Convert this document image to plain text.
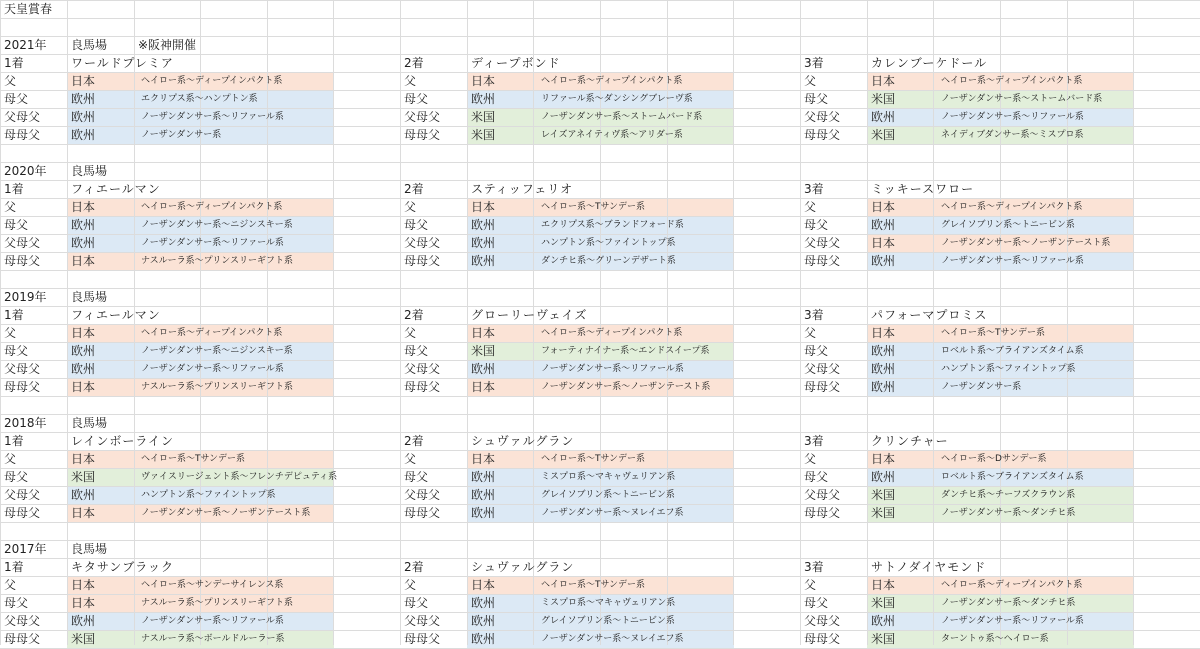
天皇賞春
2021年 良馬場	※阪神開催
1着	ワールドプレミア
父	日本	ヘイロー系～ディープインパクト系
母父	欧州	エクリプス系～ハンプトン系
父母父	欧州	ノーザンダンサー系～リファール系
母母父	欧州	ノーザンダンサー系
2着	ディープボンド
父	日本	ヘイロー系～ディープインパクト系
母父	欧州	リファール系～ダンシングブレーヴ系
父母父	米国	ノーザンダンサー系～ストームバード系
母母父	米国	レイズアネイティヴ系～アリダー系
3着	カレンブーケドール
父	日本	ヘイロー系～ディープインパクト系
母父	米国	ノーザンダンサー系～ストームバード系
父母父	欧州	ノーザンダンサー系～リファール系
母母父	米国	ネイディブダンサー系～ミスプロ系
2020年 良馬場
1着	フィエールマン
父	日本	ヘイロー系～ディープインパクト系
母父	欧州	ノーザンダンサー系～ニジンスキー系
父母父	欧州	ノーザンダンサー系～リファール系
母母父	日本	ナスルーラ系～プリンスリーギフト系
2着	スティッフェリオ
父	日本	ヘイロー系～Tサンデー系
母父	欧州	エクリプス系～ブランドフォード系
父母父	欧州	ハンプトン系～ファイントップ系
母母父	欧州	ダンチヒ系～グリーンデザート系
3着	ミッキースワロー
父	日本	ヘイロー系～ディープインパクト系
母父	欧州	グレイソブリン系～トニービン系
父母父	日本	ノーザンダンサー系～ノーザンテースト系
母母父	欧州	ノーザンダンサー系～リファール系
2019年 良馬場
1着	フィエールマン
父	日本	ヘイロー系～ディープインパクト系
母父	欧州	ノーザンダンサー系～ニジンスキー系
父母父	欧州	ノーザンダンサー系～リファール系
母母父	日本	ナスルーラ系～プリンスリーギフト系
2着	グローリーヴェイズ
父	日本	ヘイロー系～ディープインパクト系
母父	米国	フォーティナイナー系～エンドスイープ系
父母父	欧州	ノーザンダンサー系～リファール系
母母父	日本	ノーザンダンサー系～ノーザンテースト系
3着	パフォーマプロミス
父	日本	ヘイロー系～Tサンデー系
母父	欧州	ロベルト系～ブライアンズタイム系
父母父	欧州	ハンプトン系～ファイントップ系
母母父	欧州	ノーザンダンサー系
2018年 良馬場
1着	レインボーライン
父	日本	ヘイロー系～Tサンデー系
母父	米国	ヴァイスリージェント系～フレンチデピュティ系
父母父	欧州	ハンプトン系～ファイントップ系
母母父	日本	ノーザンダンサー系～ノーザンテースト系
2着	シュヴァルグラン
父	日本	ヘイロー系～Tサンデー系
母父	欧州	ミスプロ系～マキャヴェリアン系
父母父	欧州	グレイソブリン系～トニービン系
母母父	欧州	ノーザンダンサー系～ヌレイエフ系
3着	クリンチャー
父	日本	ヘイロー系～Dサンデー系
母父	欧州	ロベルト系～ブライアンズタイム系
父母父	米国	ダンチヒ系～チーフズクラウン系
母母父	米国	ノーザンダンサー系～ダンチヒ系
2017年 良馬場
1着	キタサンブラック
父	日本	ヘイロー系～サンデーサイレンス系
母父	日本	ナスルーラ系～プリンスリーギフト系
父母父	欧州	ノーザンダンサー系～リファール系
母母父	米国	ナスルーラ系～ボールドルーラー系
2着	シュヴァルグラン
父	日本	ヘイロー系～Tサンデー系
母父	欧州	ミスプロ系～マキャヴェリアン系
父母父	欧州	グレイソブリン系～トニービン系
母母父	欧州	ノーザンダンサー系～ヌレイエフ系
3着	サトノダイヤモンド
父	日本	ヘイロー系～ディープインパクト系
母父	米国	ノーザンダンサー系～ダンチヒ系
父母父	欧州	ノーザンダンサー系～リファール系
母母父	米国	ターントゥ系～ヘイロー系
